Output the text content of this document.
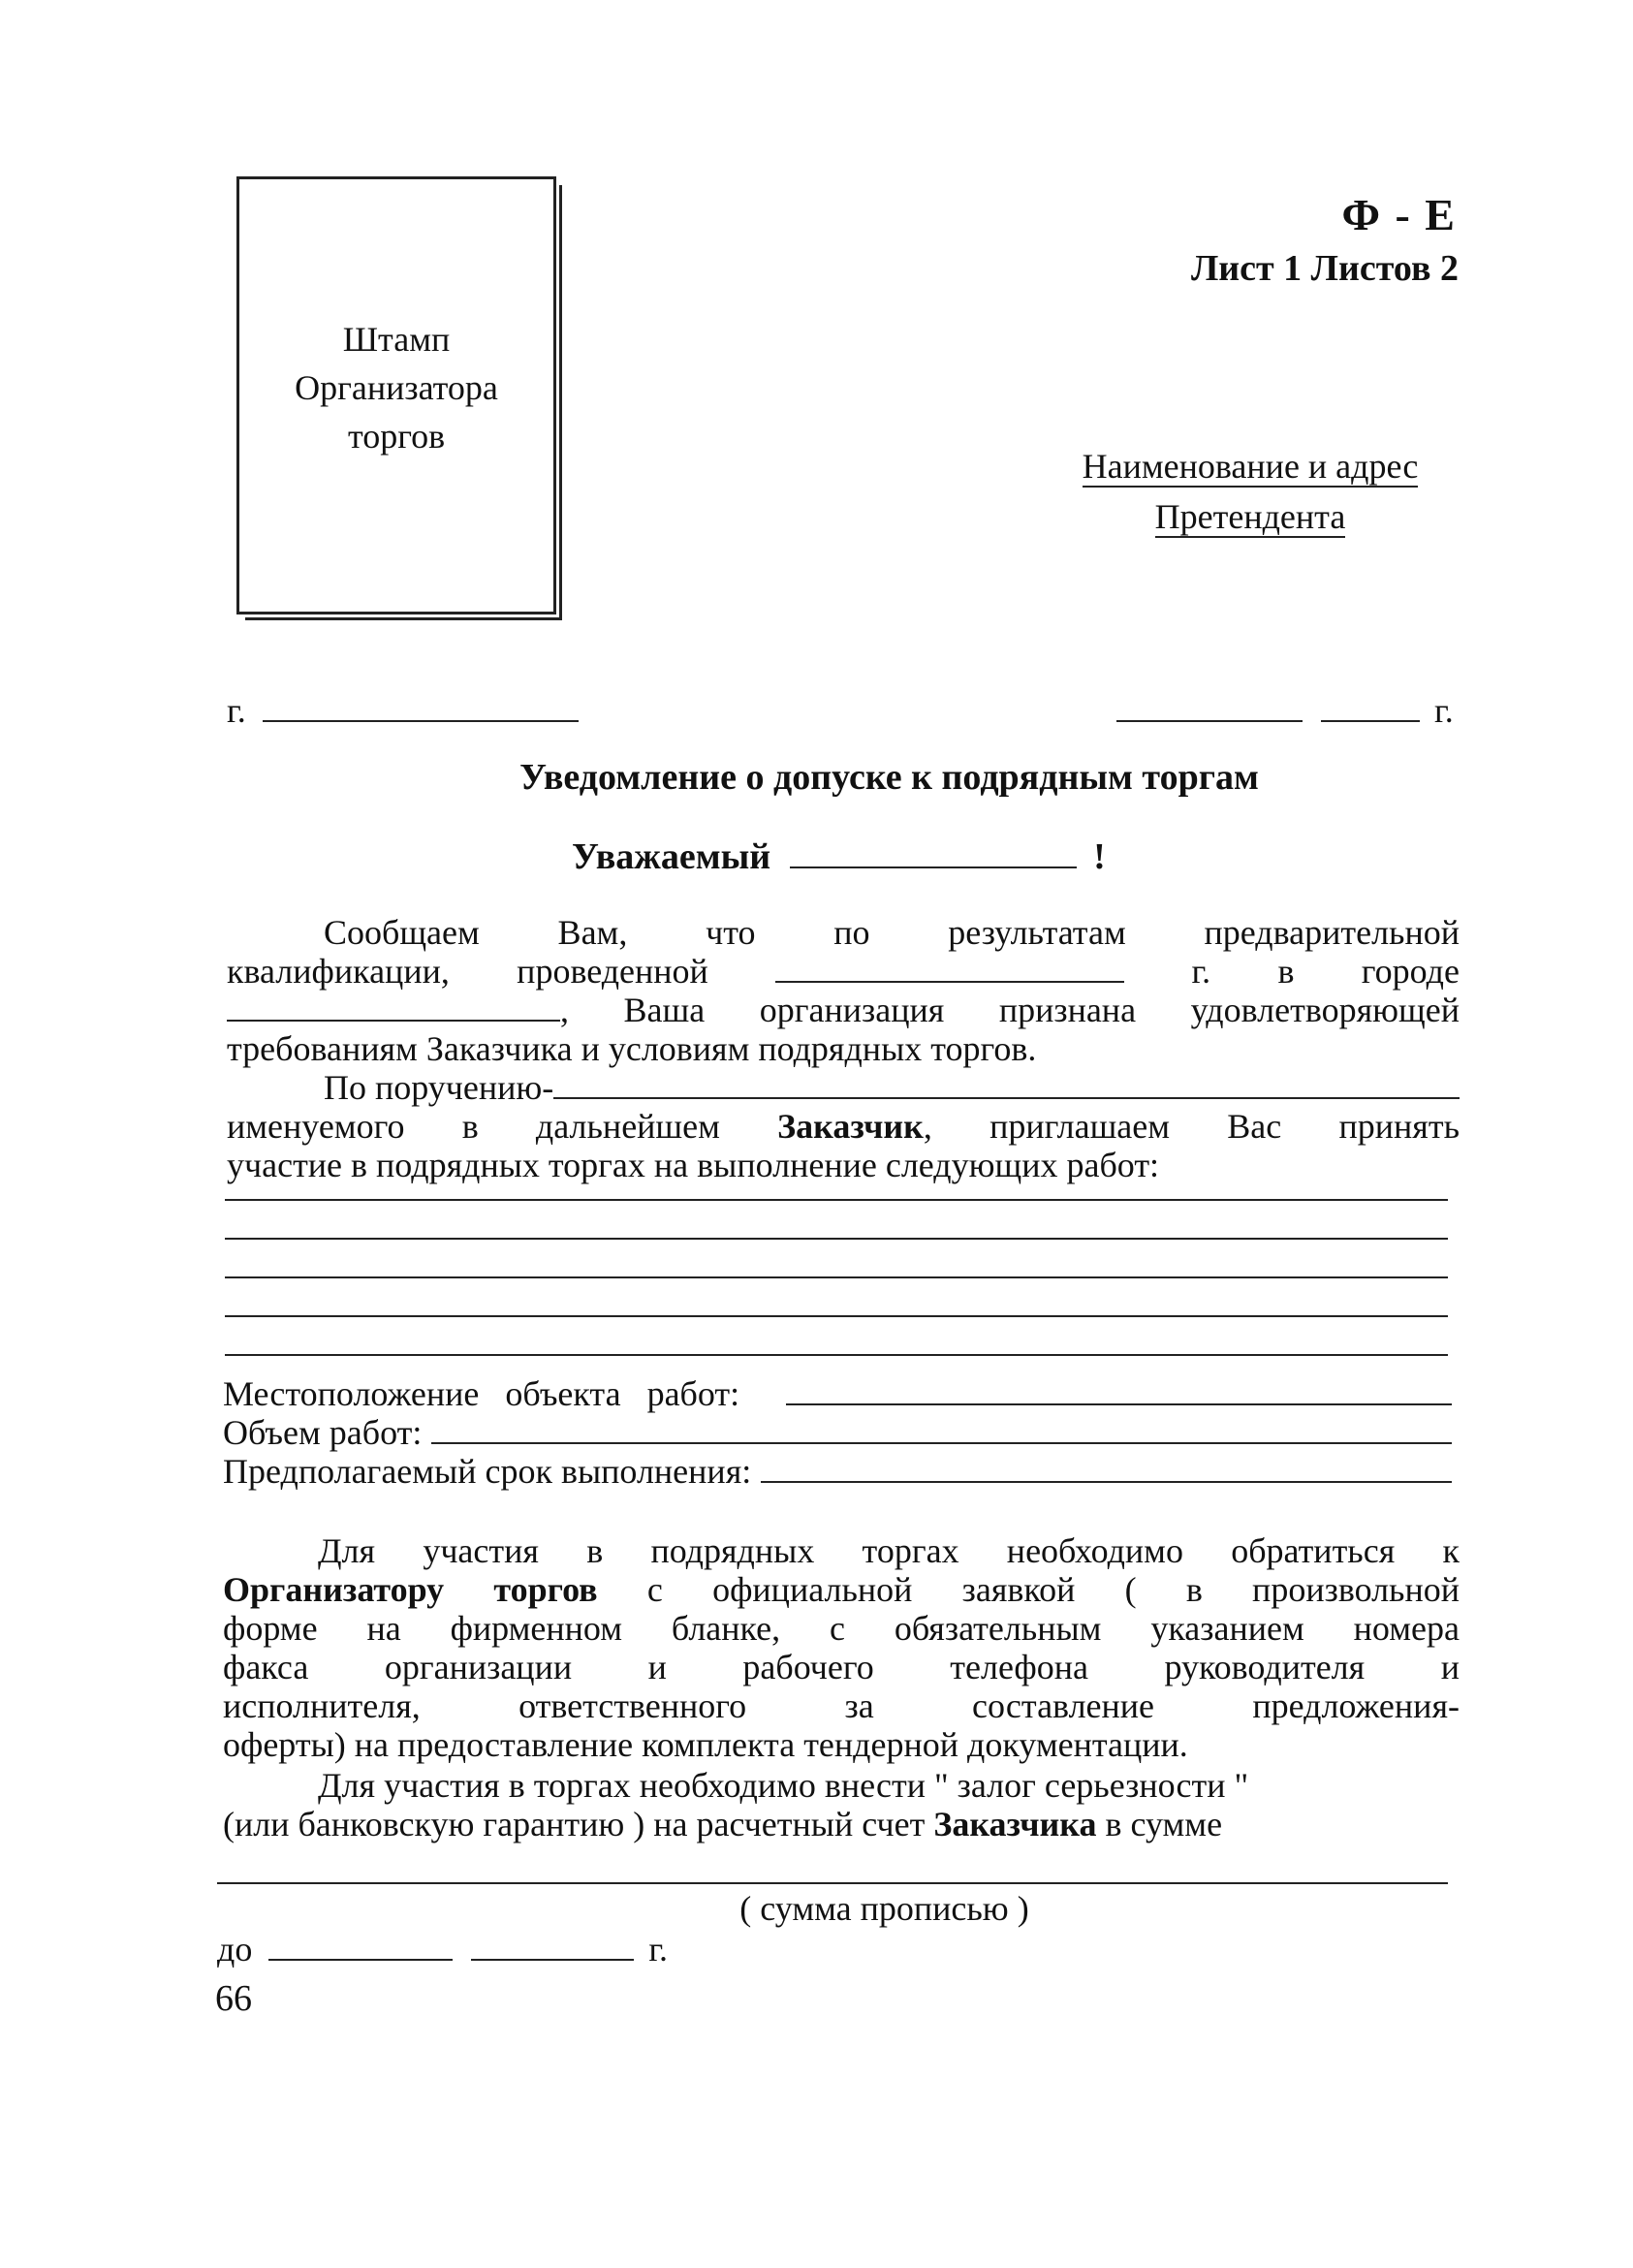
Штамп
Организатора
торгов
Ф - Е
Лист 1 Листов 2
Наименование и адрес
Претендента
г.	г.
Уведомление о допуске к подрядным торгам
Уважаемый	!
Сообщаем Вам, что по результатам предварительной
квалификации, проведенной	г. в городе
, Ваша организация признана удовлетворяющей
требованиям Заказчика и условиям подрядных торгов.
По поручению-
именуемого в дальнейшем Заказчик, приглашаем Вас принять
участие в подрядных торгах на выполнение следующих работ:
Местоположение   объекта   работ:
Объем работ:
Предполагаемый срок выполнения:
Для участия в подрядных торгах необходимо обратиться к
Организатору торгов с официальной заявкой ( в произвольной
форме на фирменном бланке, с обязательным указанием номера
факса организации и рабочего телефона руководителя и
исполнителя,   ответственного   за   составление   предложения-
оферты) на предоставление комплекта тендерной документации.
Для участия в торгах необходимо внести " залог серьезности "
(или банковскую гарантию ) на расчетный счет Заказчика в сумме
( сумма прописью )
до	г.
66
